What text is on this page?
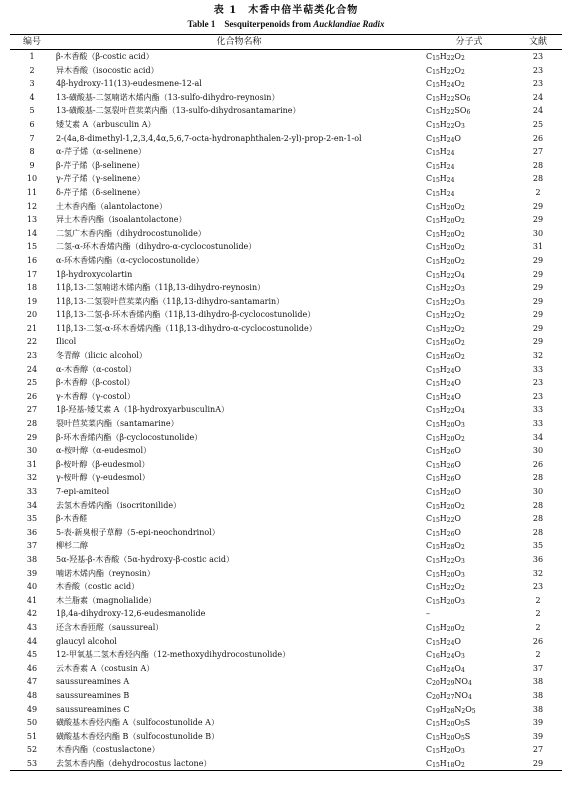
表 1　木香中倍半萜类化合物
Table 1　Sesquiterpenoids from Aucklandiae Radix
编号	化合物名称	分子式	文献
1	β-木香酸（β-costic acid）	$C_{15}H_{22}O_2$	23
2	异木香酸（isocostic acid）	$C_{15}H_{22}O_2$	23
3	4β-hydroxy-11(13)-eudesmene-12-al	$C_{15}H_{24}O_2$	23
4	13-磺酸基-二氢喃诺木烯内酯（13-sulfo-dihydro-reynosin）	$C_{15}H_{22}SO_6$	24
5	13-磺酸基-二氢裂叶苣荬菜内酯（13-sulfo-dihydrosantamarine）	$C_{15}H_{22}SO_6$	24
6	矮艾素 A（arbusculin A）	$C_{15}H_{22}O_3$	25
7	2-(4a,8-dimethyl-1,2,3,4,4α,5,6,7-octa-hydronaphthalen-2-yl)-prop-2-en-1-ol	$C_{15}H_{24}O$	26
8	α-芹子烯（α-selinene）	$C_{15}H_{24}$	27
9	β-芹子烯（β-selinene）	$C_{15}H_{24}$	28
10	γ-芹子烯（γ-selinene）	$C_{15}H_{24}$	28
11	δ-芹子烯（δ-selinene）	$C_{15}H_{24}$	2
12	土木香内酯（alantolactone）	$C_{15}H_{20}O_2$	29
13	异土木香内酯（isoalantolactone）	$C_{15}H_{20}O_2$	29
14	二氢广木香内酯（dihydrocostunolide）	$C_{15}H_{20}O_2$	30
15	二氢-α-环木香烯内酯（dihydro-α-cyclocostunolide）	$C_{15}H_{20}O_2$	31
16	α-环木香烯内酯（α-cyclocostunolide）	$C_{15}H_{20}O_2$	29
17	1β-hydroxycolartin	$C_{15}H_{22}O_4$	29
18	11β,13-二氢喃诺木烯内酯（11β,13-dihydro-reynosin）	$C_{15}H_{22}O_3$	29
19	11β,13-二氢裂叶苣荬菜内酯（11β,13-dihydro-santamarin）	$C_{15}H_{22}O_3$	29
20	11β,13-二氢-β-环木香烯内酯（11β,13-dihydro-β-cyclocostunolide）	$C_{15}H_{22}O_2$	29
21	11β,13-二氢-α-环木香烯内酯（11β,13-dihydro-α-cyclocostunolide）	$C_{15}H_{22}O_2$	29
22	Ilicol	$C_{15}H_{26}O_2$	29
23	冬青醇（ilicic alcohol）	$C_{15}H_{26}O_2$	32
24	α-木香醇（α-costol）	$C_{15}H_{24}O$	33
25	β-木香醇（β-costol）	$C_{15}H_{24}O$	23
26	γ-木香醇（γ-costol）	$C_{15}H_{24}O$	23
27	1β-羟基-矮艾素 A（1β-hydroxyarbusculinA）	$C_{15}H_{22}O_4$	33
28	裂叶苣荬菜内酯（santamarine）	$C_{15}H_{20}O_3$	33
29	β-环木香烯内酯（β-cyclocostunolide）	$C_{15}H_{20}O_2$	34
30	α-桉叶醇（α-eudesmol）	$C_{15}H_{26}O$	30
31	β-桉叶醇（β-eudesmol）	$C_{15}H_{26}O$	26
32	γ-桉叶醇（γ-eudesmol）	$C_{15}H_{26}O$	28
33	7-epi-amiteol	$C_{15}H_{26}O$	30
34	去氢木香烯内酯（isocritonilide）	$C_{15}H_{20}O_2$	28
35	β-木香醛	$C_{15}H_{22}O$	28
36	5-表-新臭根子草醇（5-epi-neochondrinol）	$C_{15}H_{26}O$	28
37	柳杉二醇	$C_{15}H_{28}O_2$	35
38	5α-羟基-β-木香酸（5α-hydroxy-β-costic acid）	$C_{15}H_{22}O_3$	36
39	喃诺木烯内酯（reynosin）	$C_{15}H_{20}O_3$	32
40	木香酸（costic acid）	$C_{15}H_{22}O_2$	23
41	木兰脂素（magnolialide）	$C_{15}H_{20}O_3$	2
42	1β,4a-dihydroxy-12,6-eudesmanolide	–	2
43	还含木香匝醛（saussureal）	$C_{15}H_{20}O_2$	2
44	glaucyl alcohol	$C_{15}H_{24}O$	26
45	12-甲氧基二氢木香烃内酯（12-methoxydihydrocostunolide）	$C_{16}H_{24}O_3$	2
46	云木香素 A（costusin A）	$C_{16}H_{24}O_4$	37
47	saussureamines A	$C_{20}H_{29}NO_4$	38
48	saussureamines B	$C_{20}H_{27}NO_4$	38
49	saussureamines C	$C_{19}H_{28}N_2O_5$	38
50	磺酸基木香烃内酯 A（sulfocostunolide A）	$C_{15}H_{20}O_5S$	39
51	磺酸基木香烃内酯 B（sulfocostunolide B）	$C_{15}H_{20}O_5S$	39
52	木香内酯（costuslactone）	$C_{15}H_{20}O_3$	27
53	去氢木香内酯（dehydrocostus lactone）	$C_{15}H_{18}O_2$	29
